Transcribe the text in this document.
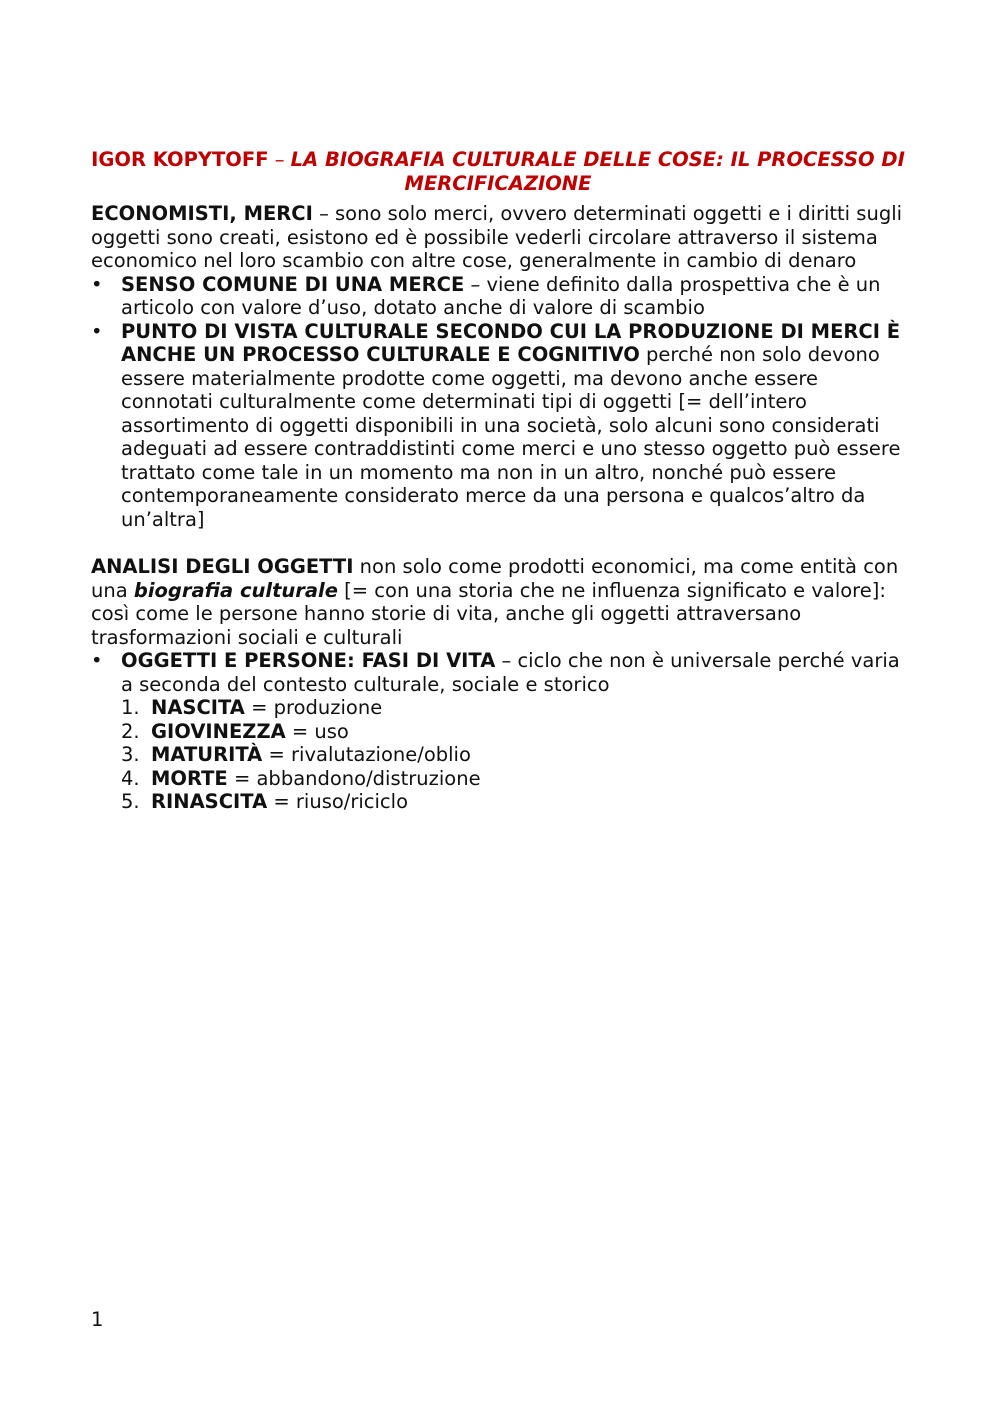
IGOR KOPYTOFF – LA BIOGRAFIA CULTURALE DELLE COSE: IL PROCESSO DI MERCIFICAZIONE

ECONOMISTI, MERCI – sono solo merci, ovvero determinati oggetti e i diritti sugli oggetti sono creati, esistono ed è possibile vederli circolare attraverso il sistema economico nel loro scambio con altre cose, generalmente in cambio di denaro

• SENSO COMUNE DI UNA MERCE – viene definito dalla prospettiva che è un articolo con valore d’uso, dotato anche di valore di scambio
• PUNTO DI VISTA CULTURALE SECONDO CUI LA PRODUZIONE DI MERCI È ANCHE UN PROCESSO CULTURALE E COGNITIVO perché non solo devono essere materialmente prodotte come oggetti, ma devono anche essere connotati culturalmente come determinati tipi di oggetti [= dell’intero assortimento di oggetti disponibili in una società, solo alcuni sono considerati adeguati ad essere contraddistinti come merci e uno stesso oggetto può essere trattato come tale in un momento ma non in un altro, nonché può essere contemporaneamente considerato merce da una persona e qualcos’altro da un’altra]

ANALISI DEGLI OGGETTI non solo come prodotti economici, ma come entità con una biografia culturale [= con una storia che ne influenza significato e valore]: così come le persone hanno storie di vita, anche gli oggetti attraversano trasformazioni sociali e culturali

• OGGETTI E PERSONE: FASI DI VITA – ciclo che non è universale perché varia a seconda del contesto culturale, sociale e storico
1. NASCITA = produzione
2. GIOVINEZZA = uso
3. MATURITÀ = rivalutazione/oblio
4. MORTE = abbandono/distruzione
5. RINASCITA = riuso/riciclo
1
